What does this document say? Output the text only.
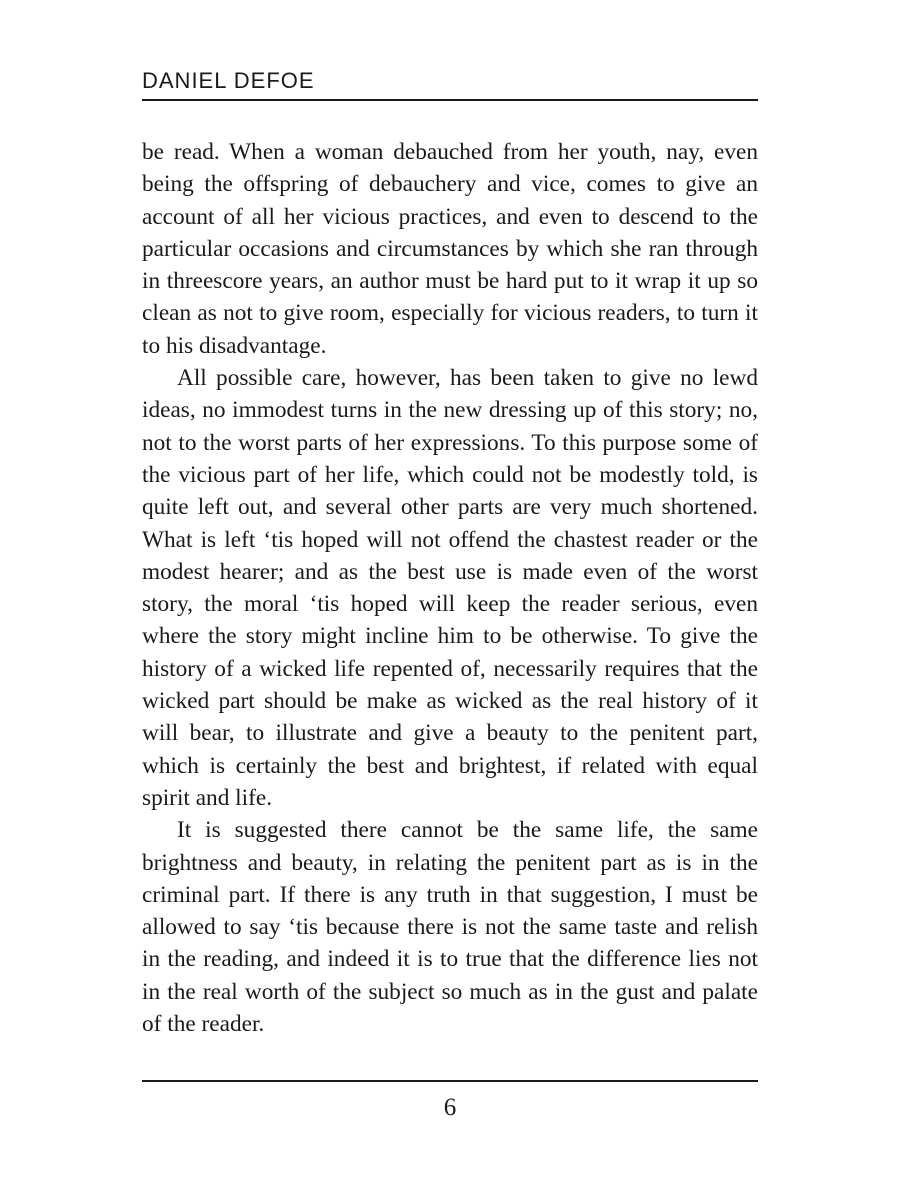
DANIEL DEFOE

be read. When a woman debauched from her youth, nay, even being the offspring of debauchery and vice, comes to give an account of all her vicious practices, and even to descend to the particular occasions and circumstances by which she ran through in threescore years, an author must be hard put to it wrap it up so clean as not to give room, especially for vicious readers, to turn it to his disadvantage.

All possible care, however, has been taken to give no lewd ideas, no immodest turns in the new dressing up of this story; no, not to the worst parts of her expressions. To this purpose some of the vicious part of her life, which could not be modestly told, is quite left out, and several other parts are very much shortened. What is left ‘tis hoped will not offend the chastest reader or the modest hearer; and as the best use is made even of the worst story, the moral ‘tis hoped will keep the reader serious, even where the story might incline him to be otherwise. To give the history of a wicked life repented of, necessarily requires that the wicked part should be make as wicked as the real history of it will bear, to illustrate and give a beauty to the penitent part, which is certainly the best and brightest, if related with equal spirit and life.

It is suggested there cannot be the same life, the same brightness and beauty, in relating the penitent part as is in the criminal part. If there is any truth in that suggestion, I must be allowed to say ‘tis because there is not the same taste and relish in the reading, and indeed it is to true that the difference lies not in the real worth of the subject so much as in the gust and palate of the reader.

6
